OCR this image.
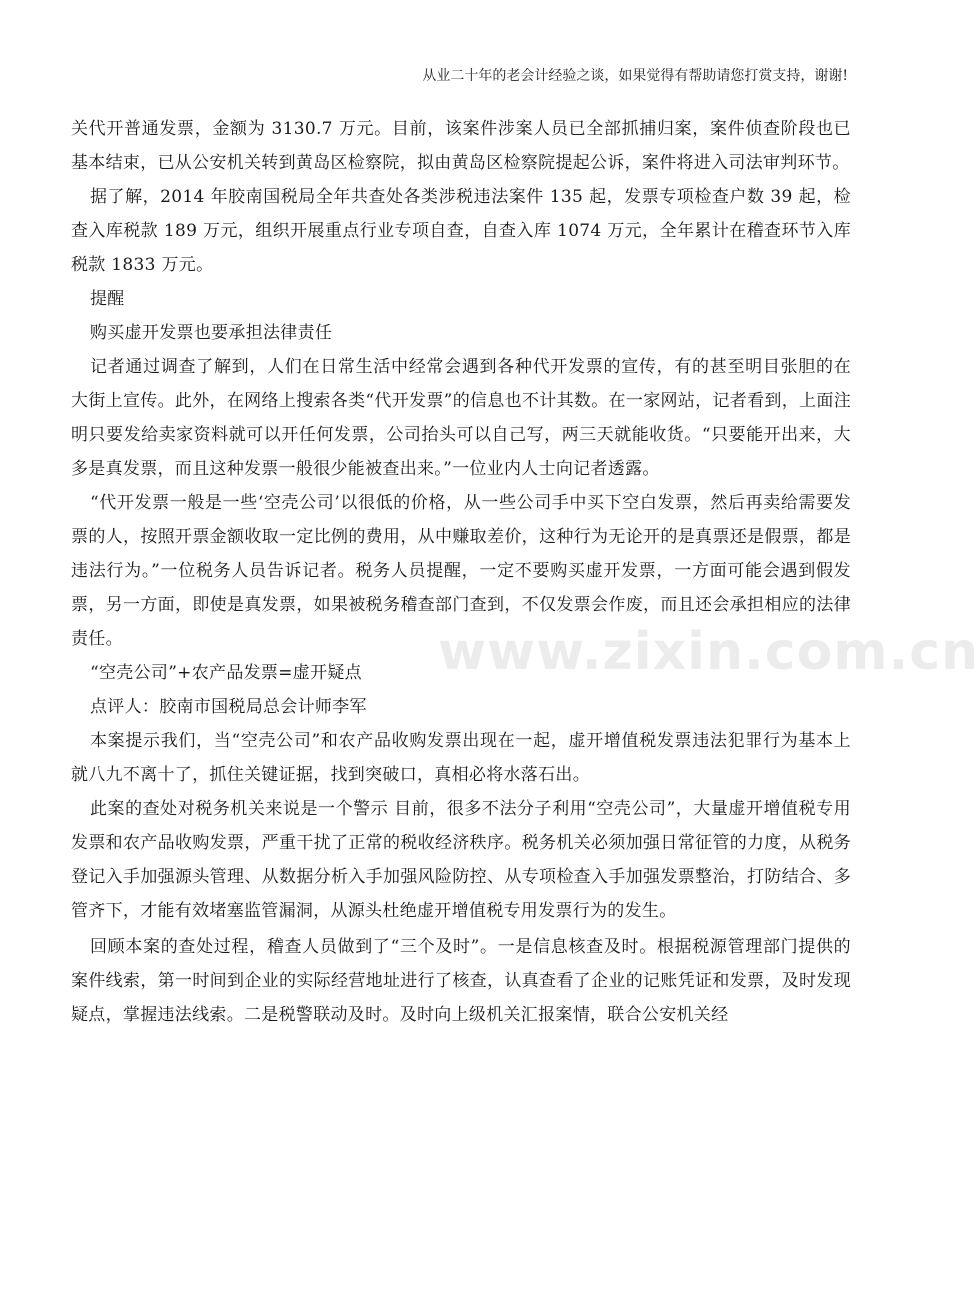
从业二十年的老会计经验之谈，如果觉得有帮助请您打赏支持，谢谢!
www.zixin.com.cn

关代开普通发票，金额为 3130.7 万元。目前，该案件涉案人员已全部抓捕归案，案件侦查阶段也已基本结束，已从公安机关转到黄岛区检察院，拟由黄岛区检察院提起公诉，案件将进入司法审判环节。

据了解，2014 年胶南国税局全年共查处各类涉税违法案件 135 起，发票专项检查户数 39 起，检查入库税款 189 万元，组织开展重点行业专项自查，自查入库 1074 万元，全年累计在稽查环节入库税款 1833 万元。

提醒

购买虚开发票也要承担法律责任

记者通过调查了解到，人们在日常生活中经常会遇到各种代开发票的宣传，有的甚至明目张胆的在大街上宣传。此外，在网络上搜索各类“代开发票”的信息也不计其数。在一家网站，记者看到，上面注明只要发给卖家资料就可以开任何发票，公司抬头可以自己写，两三天就能收货。“只要能开出来，大多是真发票，而且这种发票一般很少能被查出来。”一位业内人士向记者透露。

“代开发票一般是一些‘空壳公司’以很低的价格，从一些公司手中买下空白发票，然后再卖给需要发票的人，按照开票金额收取一定比例的费用，从中赚取差价，这种行为无论开的是真票还是假票，都是违法行为。”一位税务人员告诉记者。税务人员提醒，一定不要购买虚开发票，一方面可能会遇到假发票，另一方面，即使是真发票，如果被税务稽查部门查到，不仅发票会作废，而且还会承担相应的法律责任。

“空壳公司”+农产品发票=虚开疑点

点评人：胶南市国税局总会计师李军

本案提示我们，当“空壳公司”和农产品收购发票出现在一起，虚开增值税发票违法犯罪行为基本上就八九不离十了，抓住关键证据，找到突破口，真相必将水落石出。

此案的查处对税务机关来说是一个警示 目前，很多不法分子利用“空壳公司”，大量虚开增值税专用发票和农产品收购发票，严重干扰了正常的税收经济秩序。税务机关必须加强日常征管的力度，从税务登记入手加强源头管理、从数据分析入手加强风险防控、从专项检查入手加强发票整治，打防结合、多管齐下，才能有效堵塞监管漏洞，从源头杜绝虚开增值税专用发票行为的发生。

回顾本案的查处过程，稽查人员做到了“三个及时”。一是信息核查及时。根据税源管理部门提供的案件线索，第一时间到企业的实际经营地址进行了核查，认真查看了企业的记账凭证和发票，及时发现疑点，掌握违法线索。二是税警联动及时。及时向上级机关汇报案情，联合公安机关经
